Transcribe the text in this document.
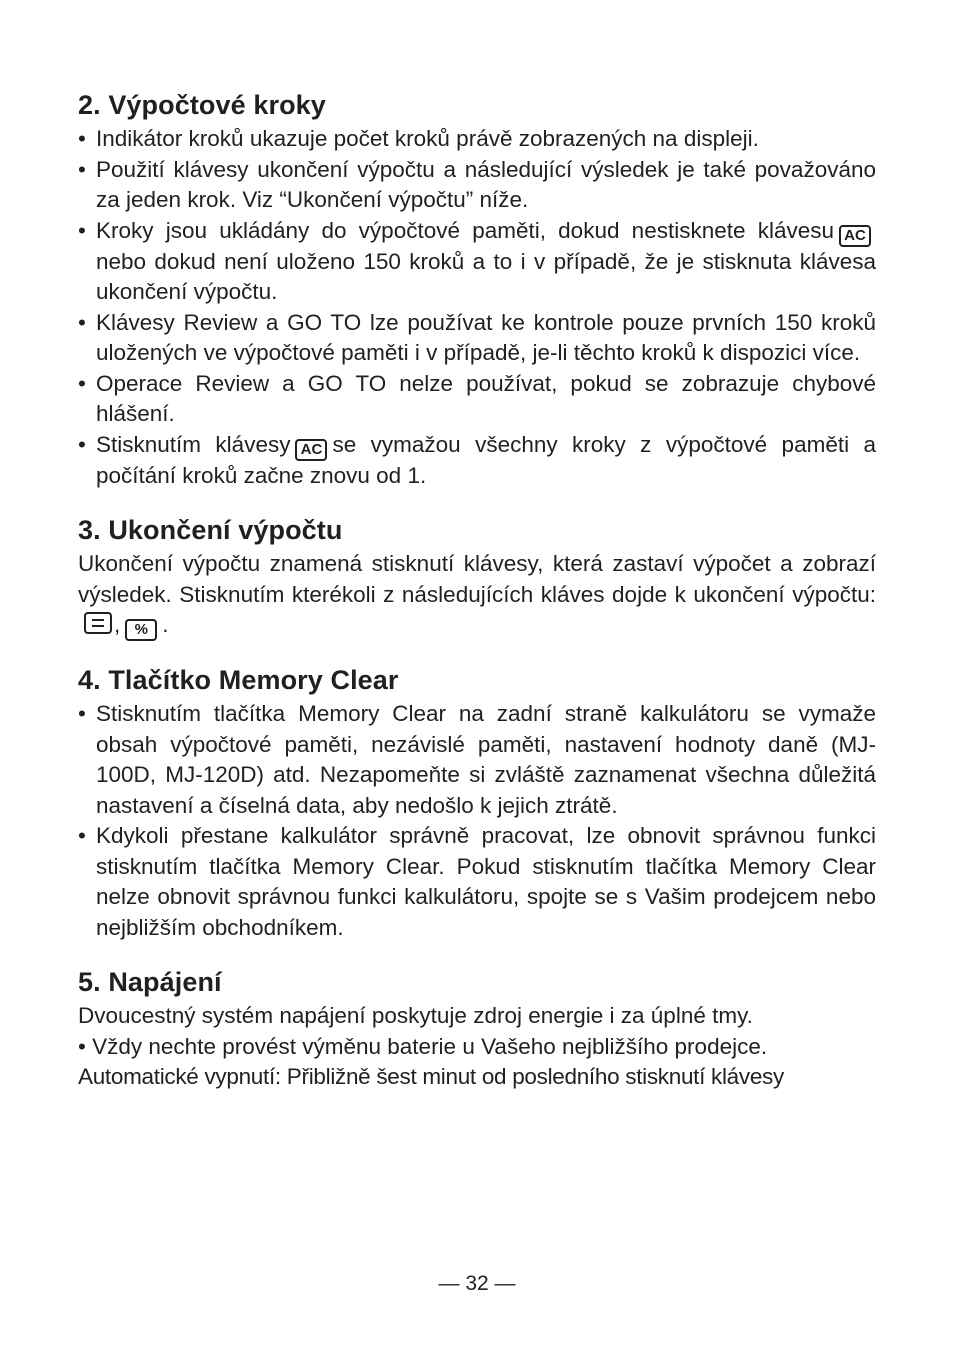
2. Výpočtové kroky
• Indikátor kroků ukazuje počet kroků právě zobrazených na displeji.
• Použití klávesy ukončení výpočtu a následující výsledek je také považováno za jeden krok. Viz “Ukončení výpočtu” níže.
• Kroky jsou ukládány do výpočtové paměti, dokud nestisknete klávesu ACnebo dokud není uloženo 150 kroků a to i v případě, že je stisknuta klávesa ukončení výpočtu.
• Klávesy Review a GO TO lze používat ke kontrole pouze prvních 150 kroků uložených ve výpočtové paměti i v případě, je-li těchto kroků k dispozici více.
• Operace Review a GO TO nelze používat, pokud se zobrazuje chybové hlášení.
• Stisknutím klávesy AC se vymažou všechny kroky z výpočtové paměti a počítání kroků začne znovu od 1.
3. Ukončení výpočtu

Ukončení výpočtu znamená stisknutí klávesy, která zastaví výpočet a zobrazí výsledek. Stisknutím kterékoli z následujících kláves dojde k ukončení výpočtu:, % .

4. Tlačítko Memory Clear
• Stisknutím tlačítka Memory Clear na zadní straně kalkulátoru se vymaže obsah výpočtové paměti, nezávislé paměti, nastavení hodnoty daně (MJ-100D, MJ-120D) atd. Nezapomeňte si zvláště zaznamenat všechna důležitá nastavení a číselná data, aby nedošlo k jejich ztrátě.
• Kdykoli přestane kalkulátor správně pracovat, lze obnovit správnou funkci stisknutím tlačítka Memory Clear. Pokud stisknutím tlačítka Memory Clear nelze obnovit správnou funkci kalkulátoru, spojte se s Vašim prodejcem nebo nejbližším obchodníkem.
5. Napájení

Dvoucestný systém napájení poskytuje zdroj energie i za úplné tmy.

• Vždy nechte provést výměnu baterie u Vašeho nejbližšího prodejce.

Automatické vypnutí: Přibližně šest minut od posledního stisknutí klávesy

— 32 —
